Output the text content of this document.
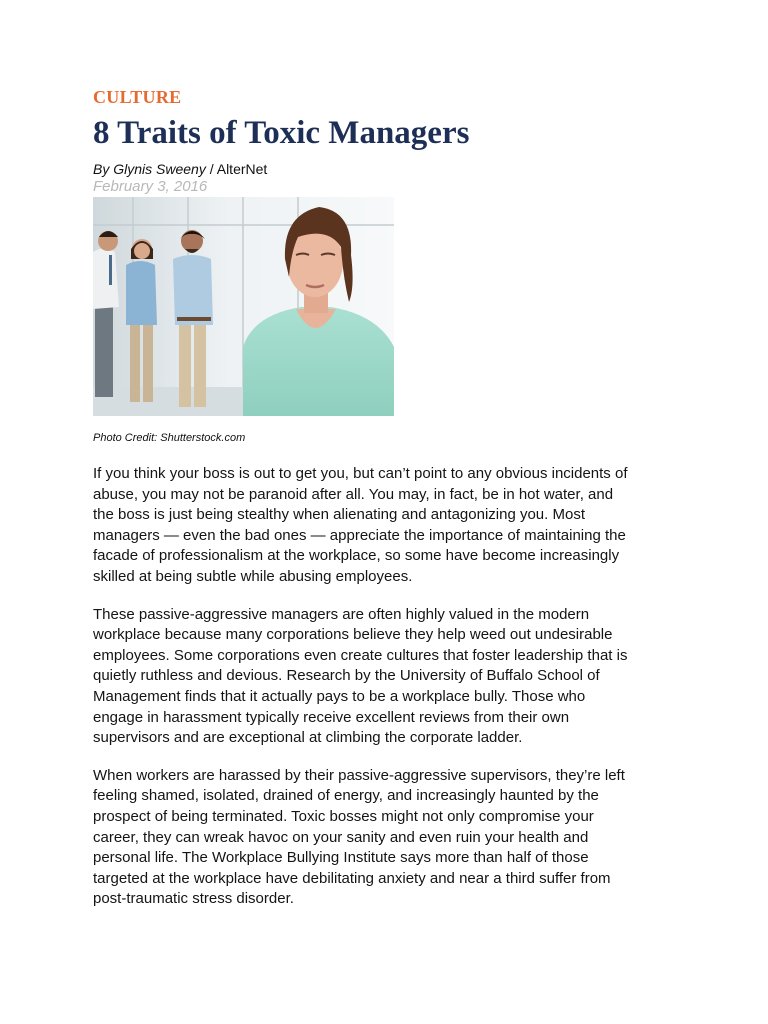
CULTURE
8 Traits of Toxic Managers
By Glynis Sweeny / AlterNet
February 3, 2016
Photo Credit: Shutterstock.com

If you think your boss is out to get you, but can’t point to any obvious incidents of
abuse, you may not be paranoid after all. You may, in fact, be in hot water, and
the boss is just being stealthy when alienating and antagonizing you. Most
managers — even the bad ones — appreciate the importance of maintaining the
facade of professionalism at the workplace, so some have become increasingly
skilled at being subtle while abusing employees.

These passive-aggressive managers are often highly valued in the modern
workplace because many corporations believe they help weed out undesirable
employees. Some corporations even create cultures that foster leadership that is
quietly ruthless and devious. Research by the University of Buffalo School of
Management finds that it actually pays to be a workplace bully. Those who
engage in harassment typically receive excellent reviews from their own
supervisors and are exceptional at climbing the corporate ladder.

When workers are harassed by their passive-aggressive supervisors, they’re left
feeling shamed, isolated, drained of energy, and increasingly haunted by the
prospect of being terminated. Toxic bosses might not only compromise your
career, they can wreak havoc on your sanity and even ruin your health and
personal life. The Workplace Bullying Institute says more than half of those
targeted at the workplace have debilitating anxiety and near a third suffer from
post-traumatic stress disorder.
